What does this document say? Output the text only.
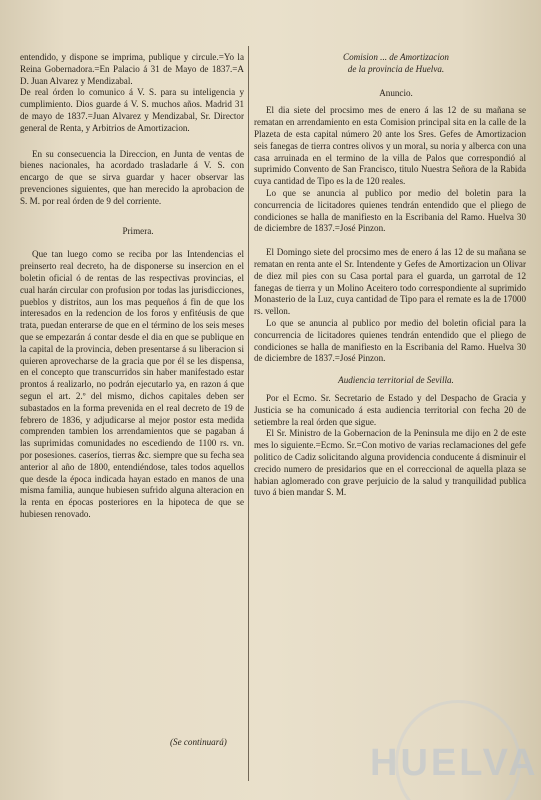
entendido, y dispone se imprima, publique y circule.=Yo la Reina Gobernadora.=En Palacio á 31 de Mayo de 1837.=A D. Juan Alvarez y Mendizabal.

De real órden lo comunico á V. S. para su inteligencia y cumplimiento. Dios guarde á V. S. muchos años. Madrid 31 de mayo de 1837.=Juan Alvarez y Mendizabal, Sr. Director general de Renta, y Arbitrios de Amortizacion.

En su consecuencia la Direccion, en Junta de ventas de bienes nacionales, ha acordado trasladarle á V. S. con encargo de que se sirva guardar y hacer observar las prevenciones siguientes, que han merecido la aprobacion de S. M. por real órden de 9 del corriente.

Primera.

Que tan luego como se reciba por las Intendencias el preinserto real decreto, ha de disponerse su insercion en el boletin oficial ó de rentas de las respectivas provincias, el cual harán circular con profusion por todas las jurisdicciones, pueblos y distritos, aun los mas pequeños á fin de que los interesados en la redencion de los foros y enfitéusis de que trata, puedan enterarse de que en el término de los seis meses que se empezarán á contar desde el dia en que se publique en la capital de la provincia, deben presentarse á su liberacion si quieren aprovecharse de la gracia que por él se les dispensa, en el concepto que transcurridos sin haber manifestado estar prontos á realizarlo, no podrán ejecutarlo ya, en razon á que segun el art. 2.º del mismo, dichos capitales deben ser subastados en la forma prevenida en el real decreto de 19 de febrero de 1836, y adjudicarse al mejor postor esta medida comprenden tambien los arrendamientos que se pagaban á las suprimidas comunidades no escediendo de 1100 rs. vn. por posesiones. caseríos, tierras &c. siempre que su fecha sea anterior al año de 1800, entendiéndose, tales todos aquellos que desde la época indicada hayan estado en manos de una misma familia, aunque hubiesen sufrido alguna alteracion en la renta en épocas posteriores en la hipoteca de que se hubiesen renovado.

Comision ... de Amortizacion

de la provincia de Huelva.

Anuncio.

El dia siete del procsimo mes de enero á las 12 de su mañana se rematan en arrendamiento en esta Comision principal sita en la calle de la Plazeta de esta capital número 20 ante los Sres. Gefes de Amortizacion seis fanegas de tierra contres olivos y un moral, su noria y alberca con una casa arruinada en el termino de la villa de Palos que correspondió al suprimido Convento de San Francisco, titulo Nuestra Señora de la Rabida cuya cantidad de Tipo es la de 120 reales.

Lo que se anuncia al publico por medio del boletin para la concurrencia de licitadores quienes tendrán entendido que el pliego de condiciones se halla de manifiesto en la Escribania del Ramo. Huelva 30 de diciembre de 1837.=José Pinzon.

El Domingo siete del procsimo mes de enero á las 12 de su mañana se rematan en renta ante el Sr. Intendente y Gefes de Amortizacion un Olivar de diez mil pies con su Casa portal para el guarda, un garrotal de 12 fanegas de tierra y un Molino Aceitero todo correspondiente al suprimido Monasterio de la Luz, cuya cantidad de Tipo para el remate es la de 17000 rs. vellon.

Lo que se anuncia al publico por medio del boletin oficial para la concurrencia de licitadores quienes tendrán entendido que el pliego de condiciones se halla de manifiesto en la Escribania del Ramo. Huelva 30 de diciembre de 1837.=José Pinzon.

Audiencia territorial de Sevilla.

Por el Ecmo. Sr. Secretario de Estado y del Despacho de Gracia y Justicia se ha comunicado á esta audiencia territorial con fecha 20 de setiembre la real órden que sigue.

El Sr. Ministro de la Gobernacion de la Peninsula me dijo en 2 de este mes lo siguiente.=Ecmo. Sr.=Con motivo de varias reclamaciones del gefe politico de Cadiz solicitando alguna providencia conducente á disminuir el crecido numero de presidarios que en el correccional de aquella plaza se habian aglomerado con grave perjuicio de la salud y tranquilidad publica tuvo á bien mandar S. M.

(Se continuará)	HUELVA
